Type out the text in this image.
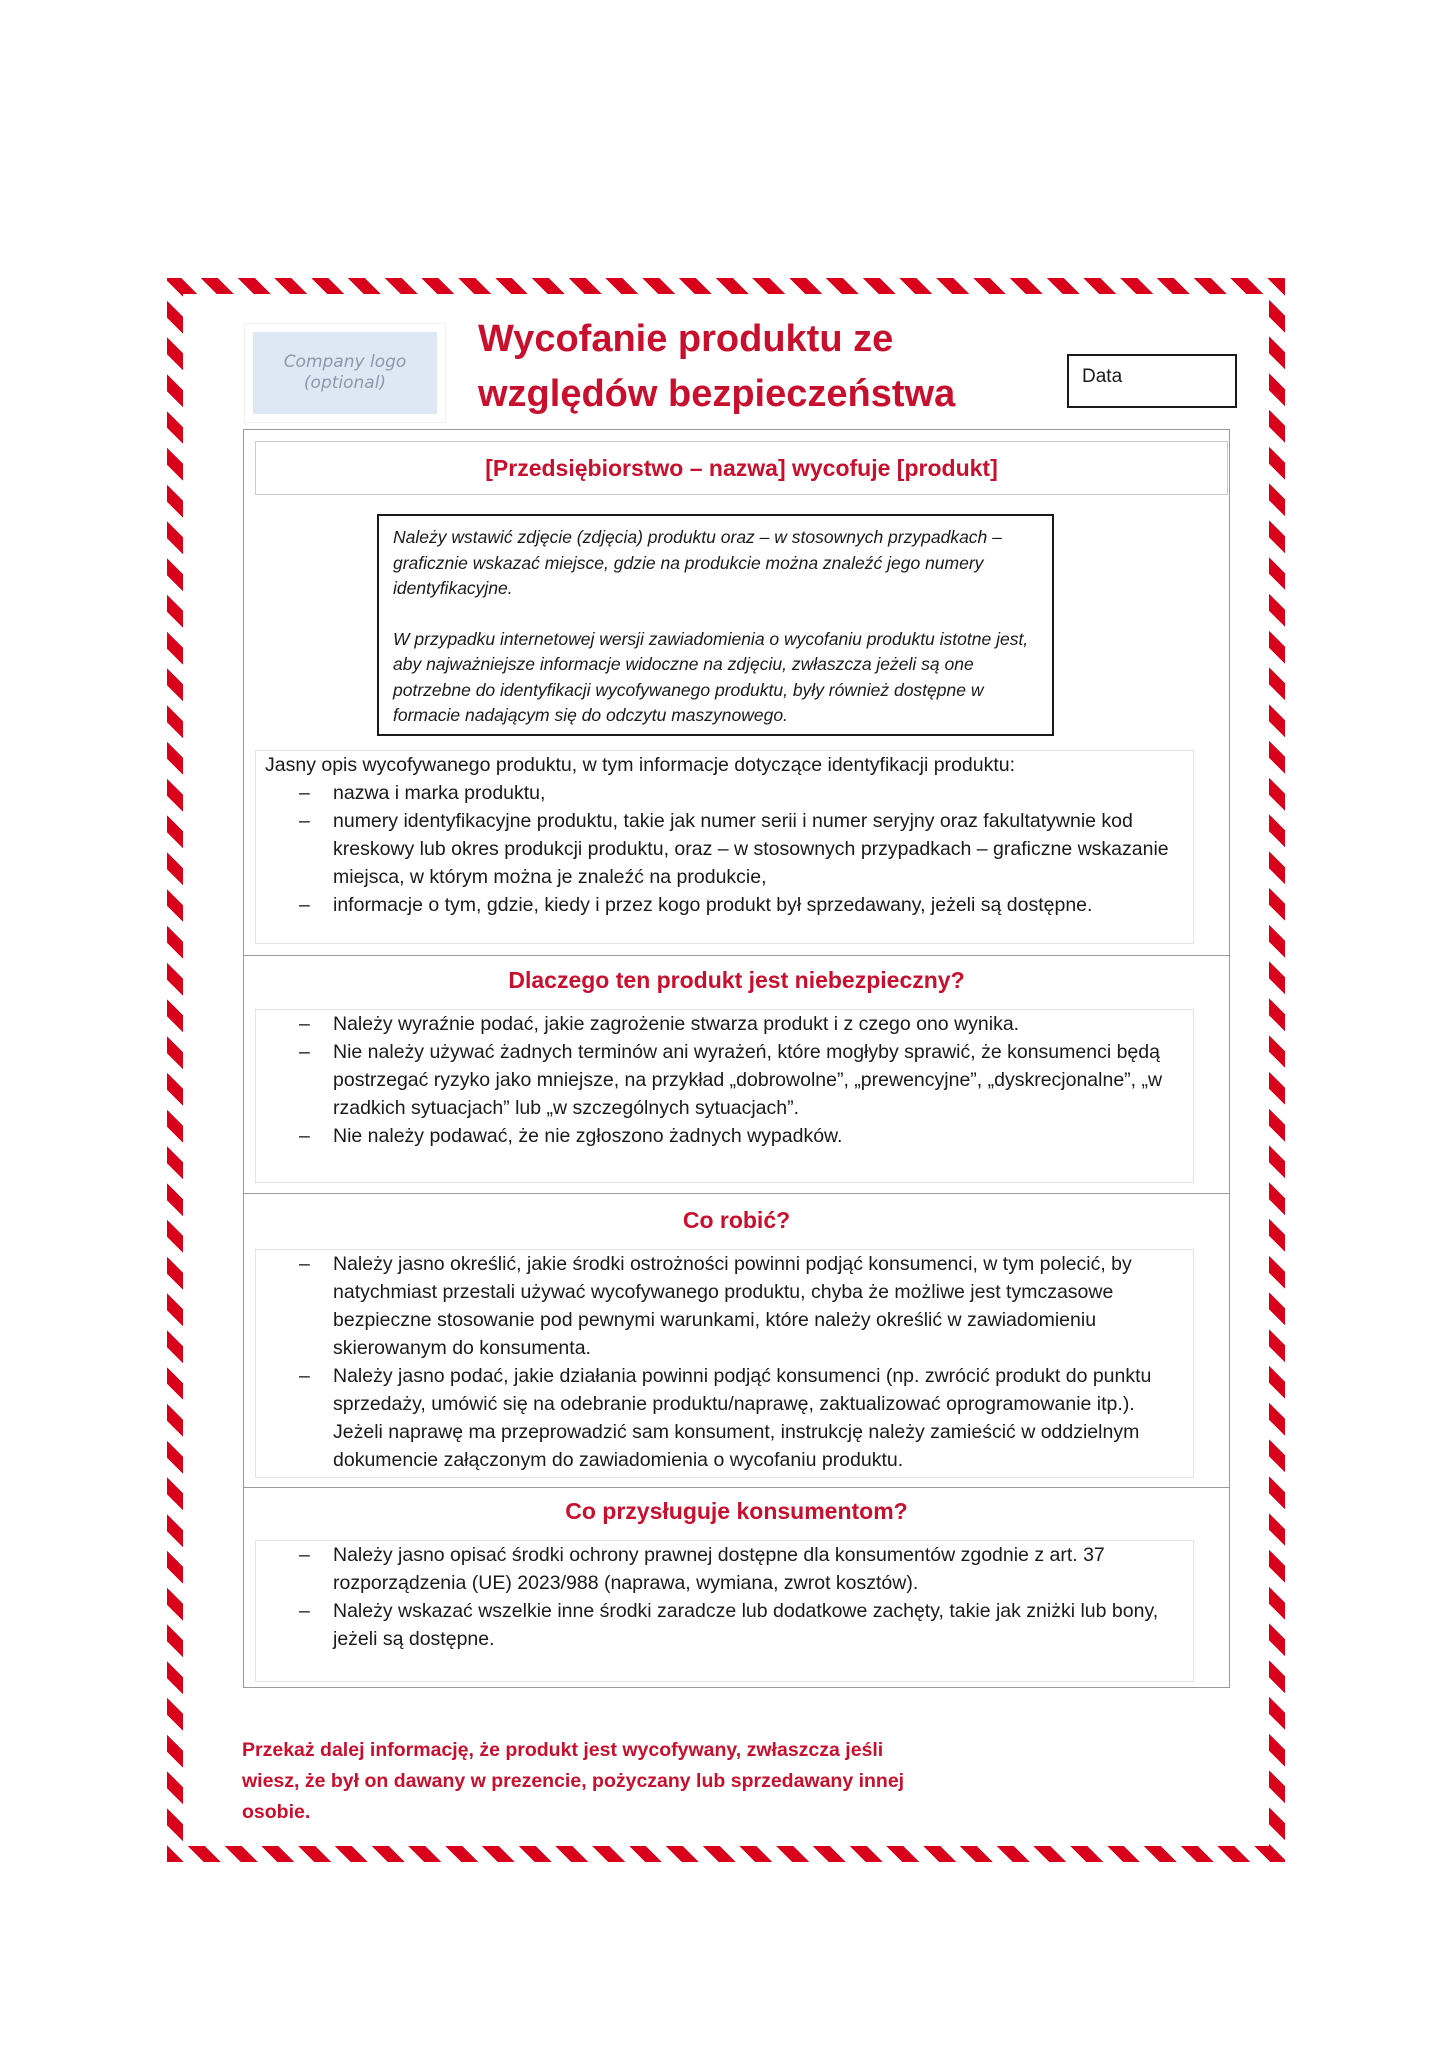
Company logo (optional)
Wycofanie produktu ze względów bezpieczeństwa	Data
[Przedsiębiorstwo – nazwa] wycofuje [produkt]

Należy wstawić zdjęcie (zdjęcia) produktu oraz – w stosownych przypadkach – graficznie wskazać miejsce, gdzie na produkcie można znaleźć jego numery identyfikacyjne.

W przypadku internetowej wersji zawiadomienia o wycofaniu produktu istotne jest, aby najważniejsze informacje widoczne na zdjęciu, zwłaszcza jeżeli są one potrzebne do identyfikacji wycofywanego produktu, były również dostępne w formacie nadającym się do odczytu maszynowego.

Jasny opis wycofywanego produktu, w tym informacje dotyczące identyfikacji produktu:

– nazwa i marka produktu,
– numery identyfikacyjne produktu, takie jak numer serii i numer seryjny oraz fakultatywnie kod kreskowy lub okres produkcji produktu, oraz – w stosownych przypadkach – graficzne wskazanie miejsca, w którym można je znaleźć na produkcie,
– informacje o tym, gdzie, kiedy i przez kogo produkt był sprzedawany, jeżeli są dostępne.
Dlaczego ten produkt jest niebezpieczny?
– Należy wyraźnie podać, jakie zagrożenie stwarza produkt i z czego ono wynika.
– Nie należy używać żadnych terminów ani wyrażeń, które mogłyby sprawić, że konsumenci będą postrzegać ryzyko jako mniejsze, na przykład „dobrowolne”, „prewencyjne”, „dyskrecjonalne”, „w rzadkich sytuacjach” lub „w szczególnych sytuacjach”.
– Nie należy podawać, że nie zgłoszono żadnych wypadków.
Co robić?
– Należy jasno określić, jakie środki ostrożności powinni podjąć konsumenci, w tym polecić, by natychmiast przestali używać wycofywanego produktu, chyba że możliwe jest tymczasowe bezpieczne stosowanie pod pewnymi warunkami, które należy określić w zawiadomieniu skierowanym do konsumenta.
– Należy jasno podać, jakie działania powinni podjąć konsumenci (np. zwrócić produkt do punktu sprzedaży, umówić się na odebranie produktu/naprawę, zaktualizować oprogramowanie itp.). Jeżeli naprawę ma przeprowadzić sam konsument, instrukcję należy zamieścić w oddzielnym dokumencie załączonym do zawiadomienia o wycofaniu produktu.
Co przysługuje konsumentom?
– Należy jasno opisać środki ochrony prawnej dostępne dla konsumentów zgodnie z art. 37 rozporządzenia (UE) 2023/988 (naprawa, wymiana, zwrot kosztów).
– Należy wskazać wszelkie inne środki zaradcze lub dodatkowe zachęty, takie jak zniżki lub bony, jeżeli są dostępne.

Przekaż dalej informację, że produkt jest wycofywany, zwłaszcza jeśli wiesz, że był on dawany w prezencie, pożyczany lub sprzedawany innej osobie.
